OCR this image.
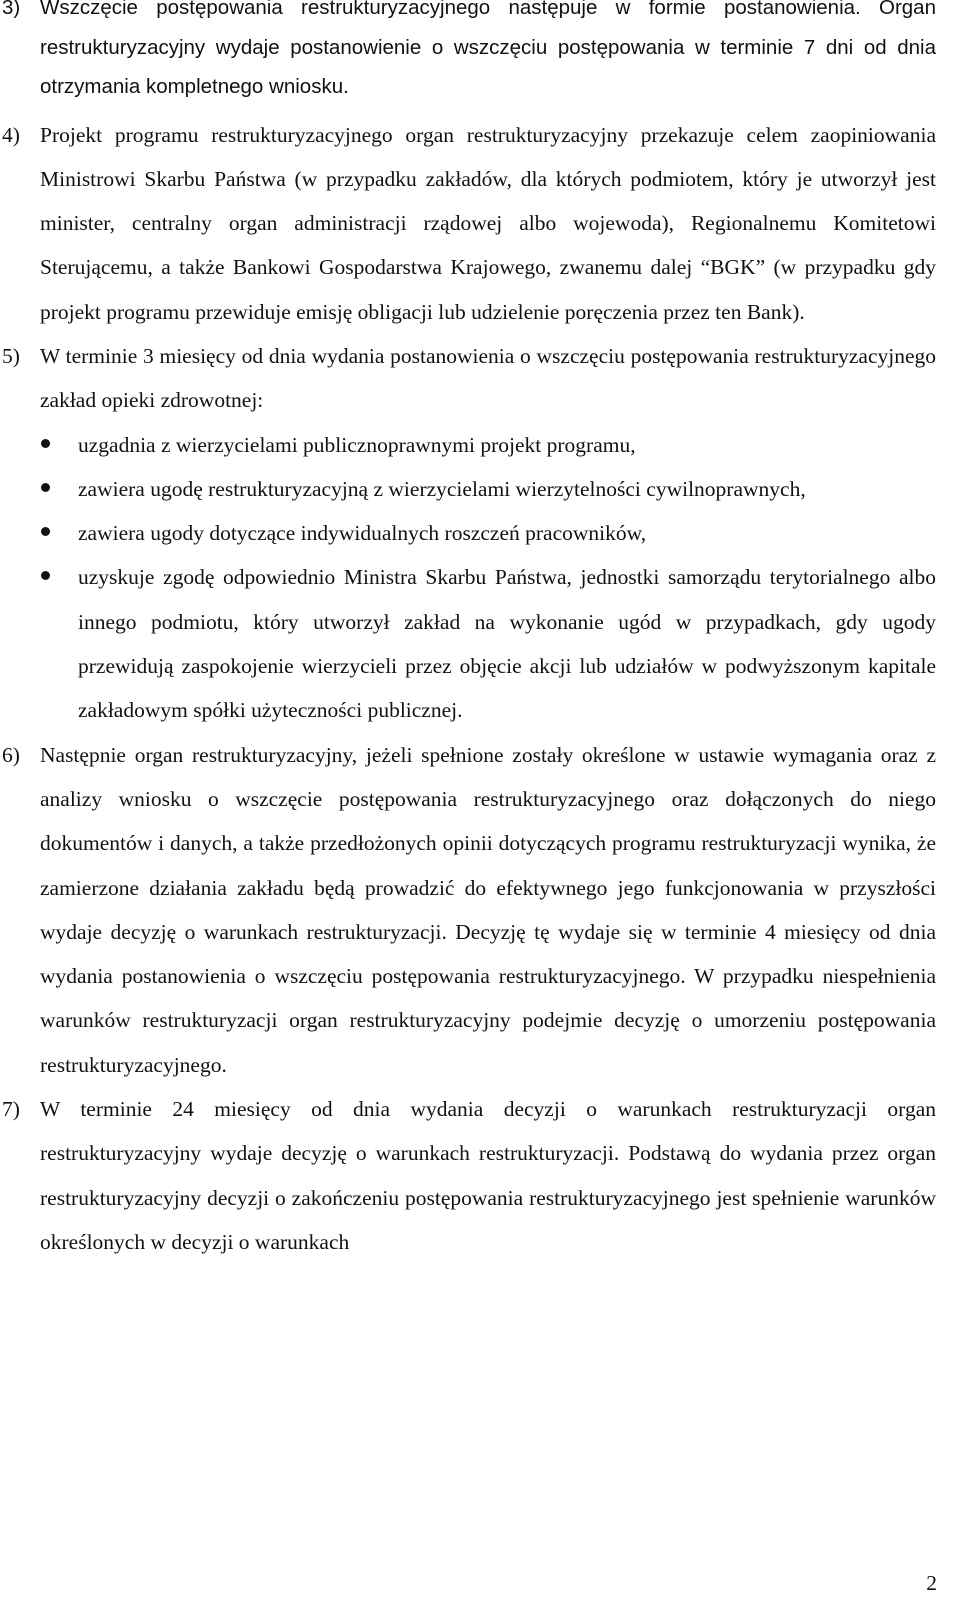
3) Wszczęcie postępowania restrukturyzacyjnego następuje w formie postanowienia. Organ restrukturyzacyjny wydaje postanowienie o wszczęciu postępowania w terminie 7 dni od dnia otrzymania kompletnego wniosku.
4) Projekt programu restrukturyzacyjnego organ restrukturyzacyjny przekazuje celem zaopiniowania Ministrowi Skarbu Państwa (w przypadku zakładów, dla których podmiotem, który je utworzył jest minister, centralny organ administracji rządowej albo wojewoda), Regionalnemu Komitetowi Sterującemu, a także Bankowi Gospodarstwa Krajowego, zwanemu dalej “BGK” (w przypadku gdy projekt programu przewiduje emisję obligacji lub udzielenie poręczenia przez ten Bank).
5) W terminie 3 miesięcy od dnia wydania postanowienia o wszczęciu postępowania restrukturyzacyjnego zakład opieki zdrowotnej:
uzgadnia z wierzycielami publicznoprawnymi projekt programu,
zawiera ugodę restrukturyzacyjną z wierzycielami wierzytelności cywilnoprawnych,
zawiera ugody dotyczące indywidualnych roszczeń pracowników,
uzyskuje zgodę odpowiednio Ministra Skarbu Państwa, jednostki samorządu terytorialnego albo innego podmiotu, który utworzył zakład na wykonanie ugód w przypadkach, gdy ugody przewidują zaspokojenie wierzycieli przez objęcie akcji lub udziałów w podwyższonym kapitale zakładowym spółki użyteczności publicznej.
6) Następnie organ restrukturyzacyjny, jeżeli spełnione zostały określone w ustawie wymagania oraz z analizy wniosku o wszczęcie postępowania restrukturyzacyjnego oraz dołączonych do niego dokumentów i danych, a także przedłożonych opinii dotyczących programu restrukturyzacji wynika, że zamierzone działania zakładu będą prowadzić do efektywnego jego funkcjonowania w przyszłości wydaje decyzję o warunkach restrukturyzacji. Decyzję tę wydaje się w terminie 4 miesięcy od dnia wydania postanowienia o wszczęciu postępowania restrukturyzacyjnego. W przypadku niespełnienia warunków restrukturyzacji organ restrukturyzacyjny podejmie decyzję o umorzeniu postępowania restrukturyzacyjnego.
7) W terminie 24 miesięcy od dnia wydania decyzji o warunkach restrukturyzacji organ restrukturyzacyjny wydaje decyzję o warunkach restrukturyzacji. Podstawą do wydania przez organ restrukturyzacyjny decyzji o zakończeniu postępowania restrukturyzacyjnego jest spełnienie warunków określonych w decyzji o warunkach
2
